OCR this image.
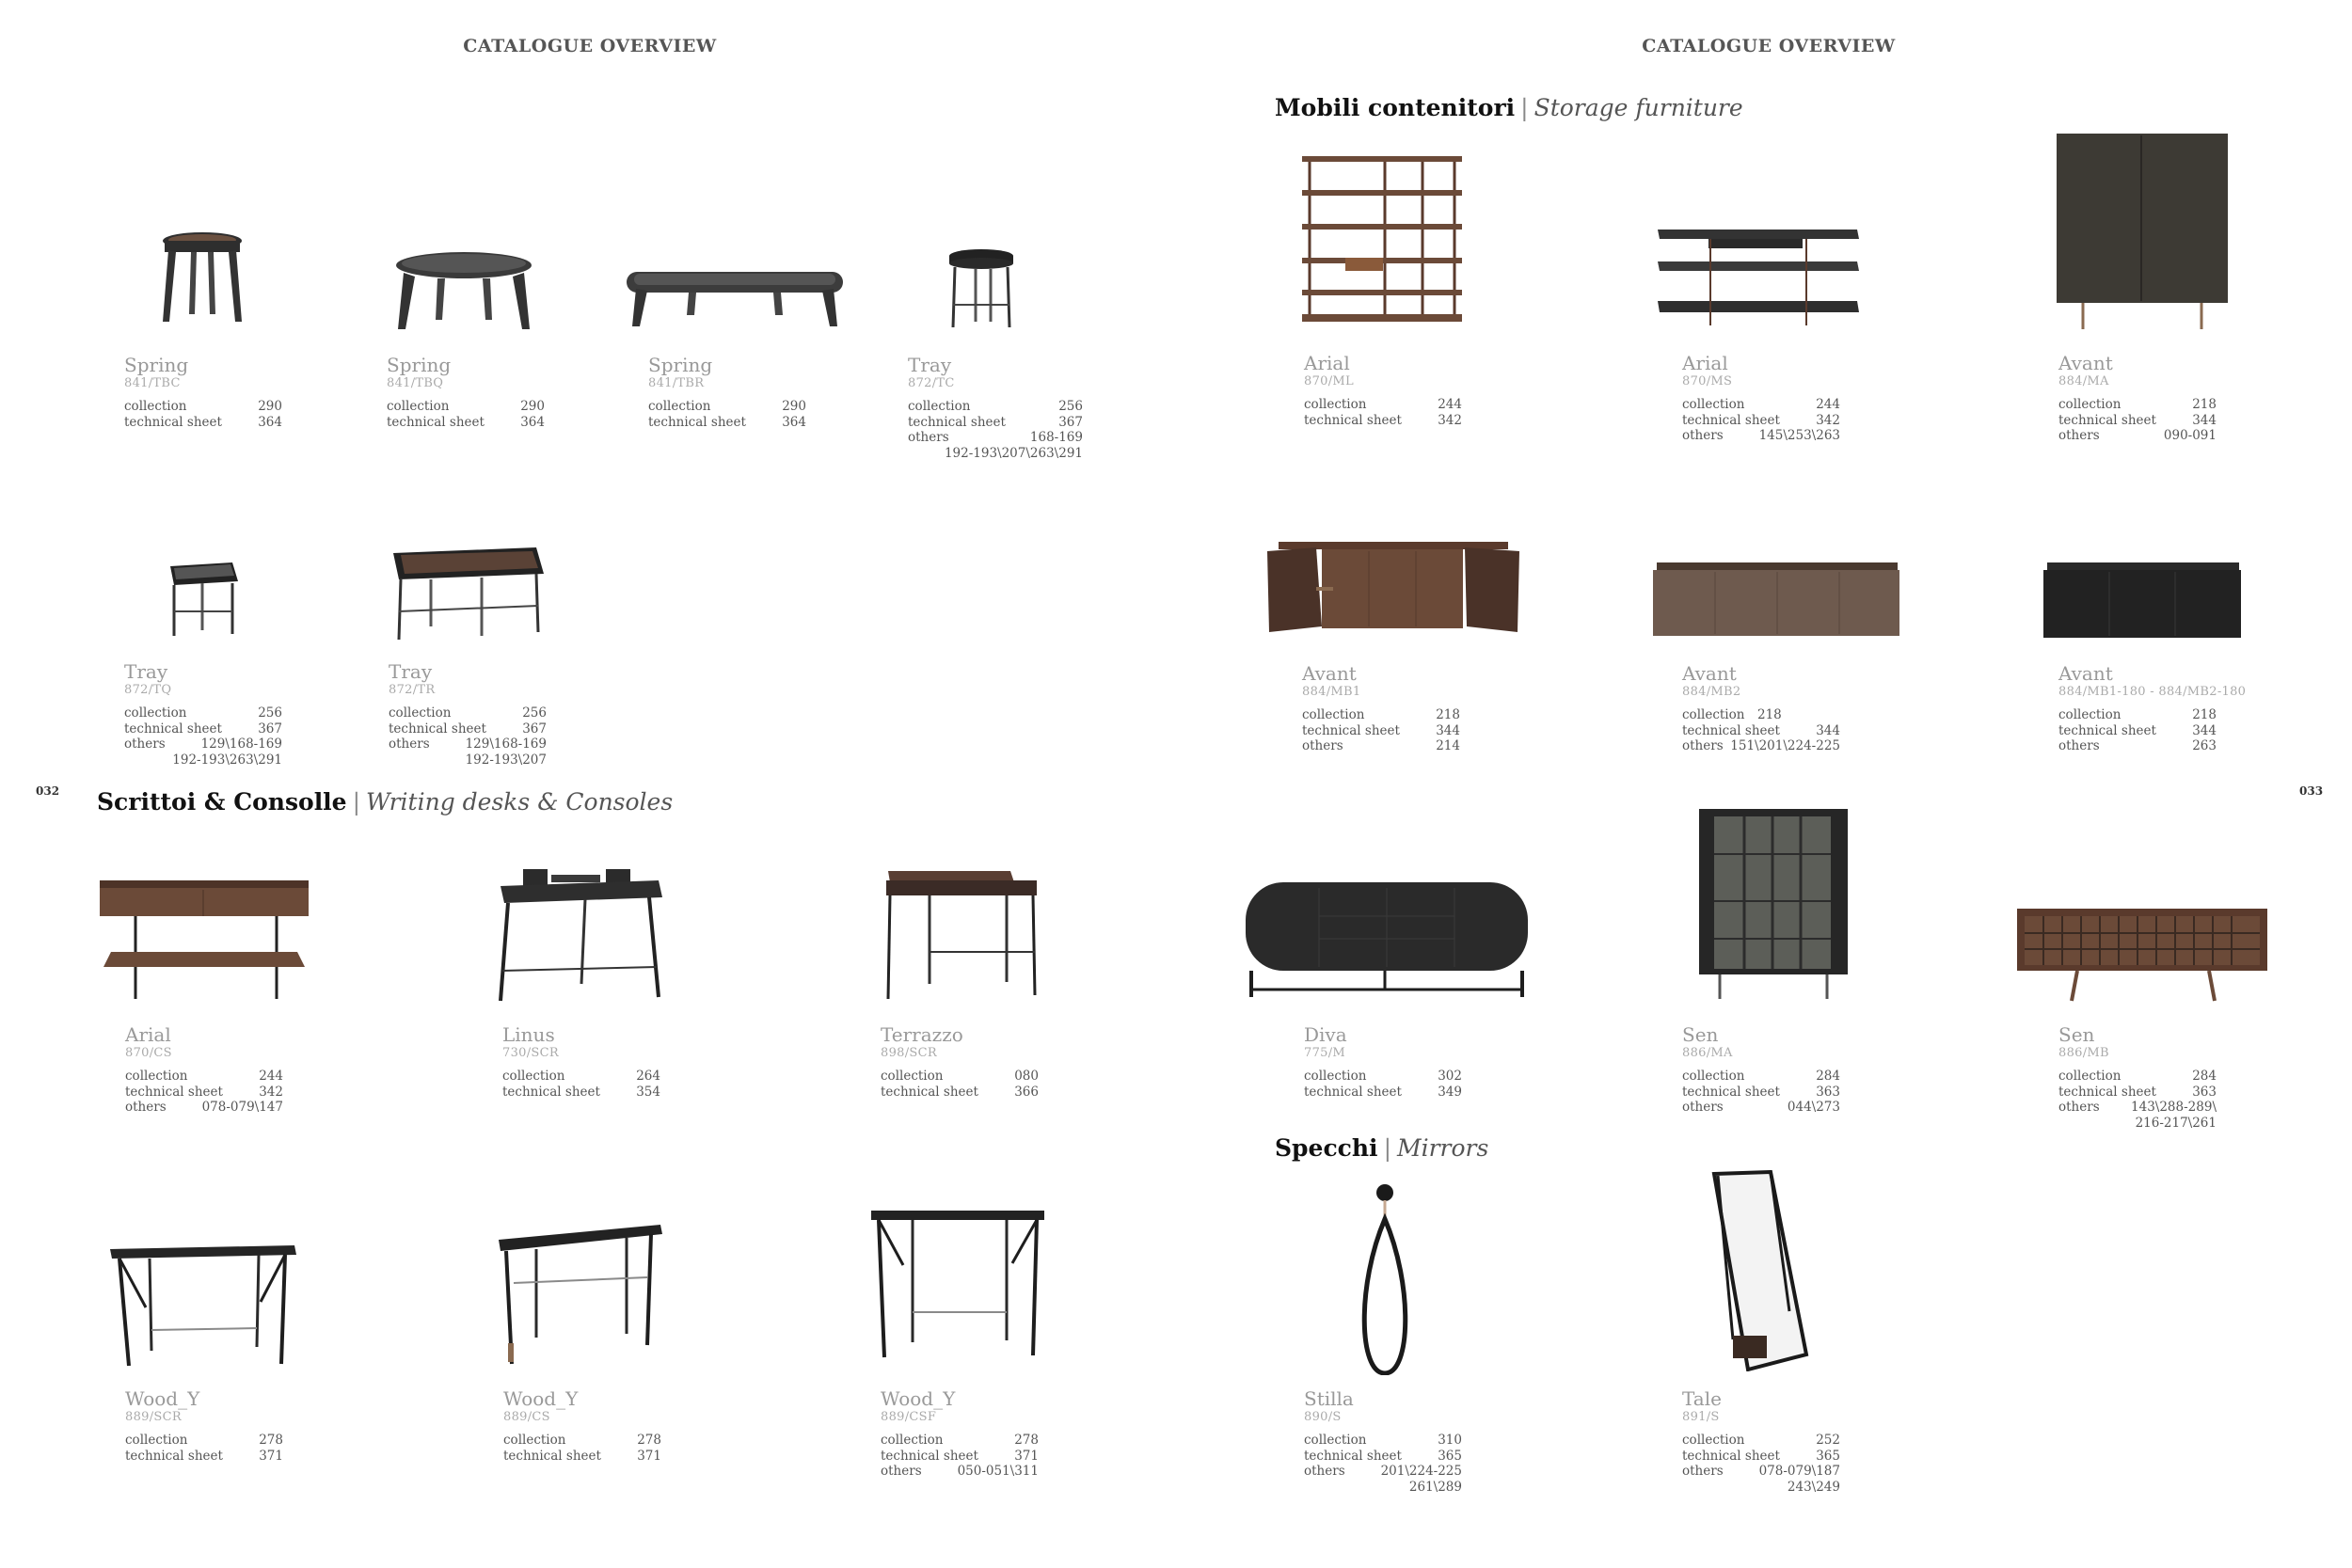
CATALOGUE OVERVIEW	CATALOGUE OVERVIEW
032	033
Mobili contenitori | Storage furniture
Scrittoi & Consolle | Writing desks & Consoles
Specchi | Mirrors
Spring
841/TBC
collection	290
technical sheet	364
Spring
841/TBQ
collection	290
technical sheet	364
Spring
841/TBR
collection	290
technical sheet	364
Tray
872/TC
collection	256
technical sheet	367
others	168-169
192-193\207\263\291
Tray
872/TQ
collection	256
technical sheet	367
others	129\168-169
192-193\263\291
Tray
872/TR
collection	256
technical sheet	367
others	129\168-169
192-193\207
Arial
870/CS
collection	244
technical sheet	342
others	078-079\147
Linus
730/SCR
collection	264
technical sheet	354
Terrazzo
898/SCR
collection	080
technical sheet	366
Wood_Y
889/SCR
collection	278
technical sheet	371
Wood_Y
889/CS
collection	278
technical sheet	371
Wood_Y
889/CSF
collection	278
technical sheet	371
others	050-051\311
Arial
870/ML
collection	244
technical sheet	342
Arial
870/MS
collection	244
technical sheet	342
others	145\253\263
Avant
884/MA
collection	218
technical sheet	344
others	090-091
Avant
884/MB1
collection	218
technical sheet	344
others	214
Avant
884/MB2
collection 218
technical sheet	344
others 151\201\224-225
Avant
884/MB1-180 - 884/MB2-180
collection	218
technical sheet	344
others	263
Diva
775/M
collection	302
technical sheet	349
Sen
886/MA
collection	284
technical sheet	363
others	044\273
Sen
886/MB
collection	284
technical sheet	363
others 143\288-289\
216-217\261
Stilla
890/S
collection	310
technical sheet	365
others	201\224-225
261\289
Tale
891/S
collection	252
technical sheet	365
others	078-079\187
243\249
